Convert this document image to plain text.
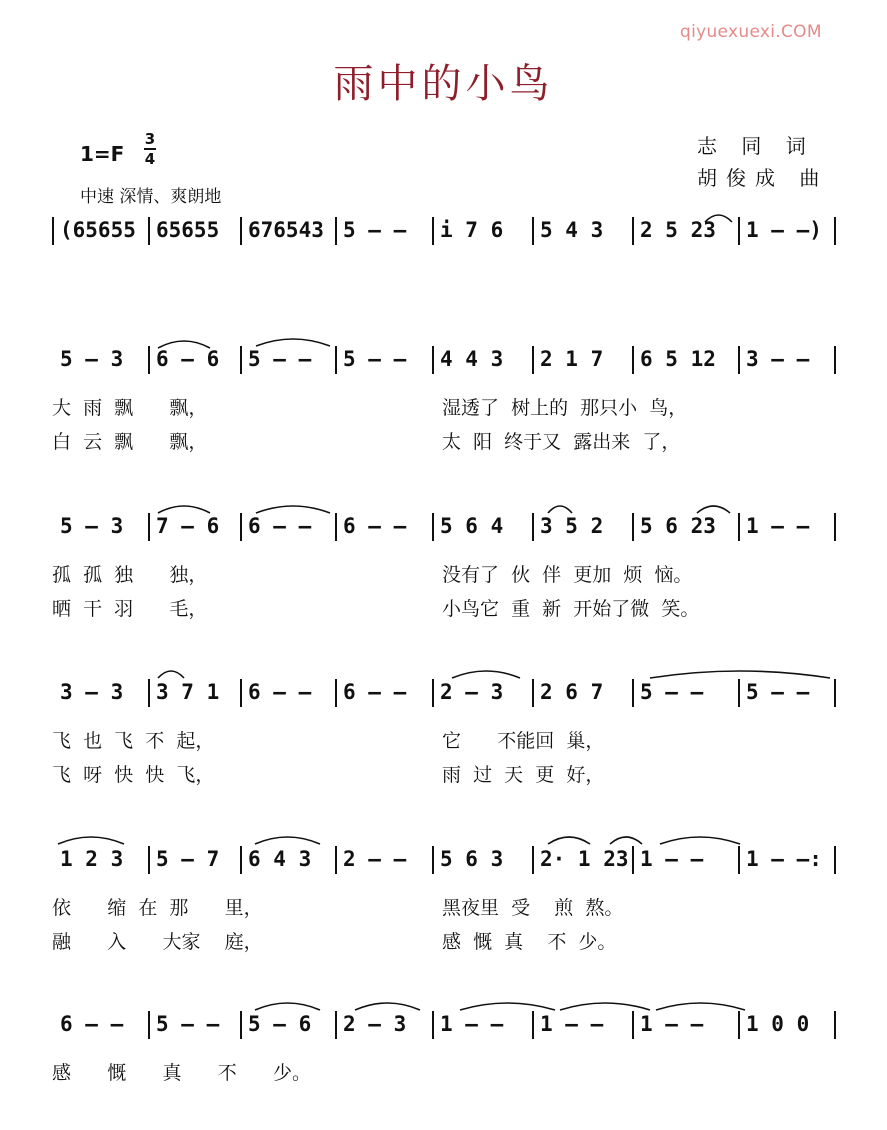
qiyuexuexi.COM
雨中的小鸟
1=F
3
4
中速 深情、爽朗地
志 同 词
胡俊成 曲
(65655 65655	676543 5 – –	i 7 6	5 4 3	2 5 23	1 – –)
5 – 3	6 – 6	5 – –	5 – –	4 4 3	2 1 7	6 5 12	3 – –
大  雨  飘      飘，	湿透了  树上的  那只小  鸟，
白  云  飘      飘，	太  阳  终于又  露出来  了，
5 – 3	7 – 6	6 – –	6 – –	5 6 4	3 5 2	5 6 23	1 – –
孤  孤  独      独，	没有了  伙  伴  更加  烦  恼。
晒  干  羽      毛，	小鸟它  重  新  开始了微  笑。
3 – 3	3 7 1	6 – –	6 – –	2 – 3	2 6 7	5 – –	5 – –
飞  也  飞  不  起，	它      不能回  巢，
飞  呀  快  快  飞，	雨  过  天  更  好，
1 2 3	5 – 7	6 4 3	2 – –	5 6 3	2· 1 23 1 – –	1 – –:
依      缩  在  那      里，	黑夜里  受    煎  熬。
融      入      大家    庭，	感  慨  真    不  少。
6 – –	5 – –	5 – 6	2 – 3	1 – –	1 – –	1 – –	1 0 0
感      慨      真      不      少。
